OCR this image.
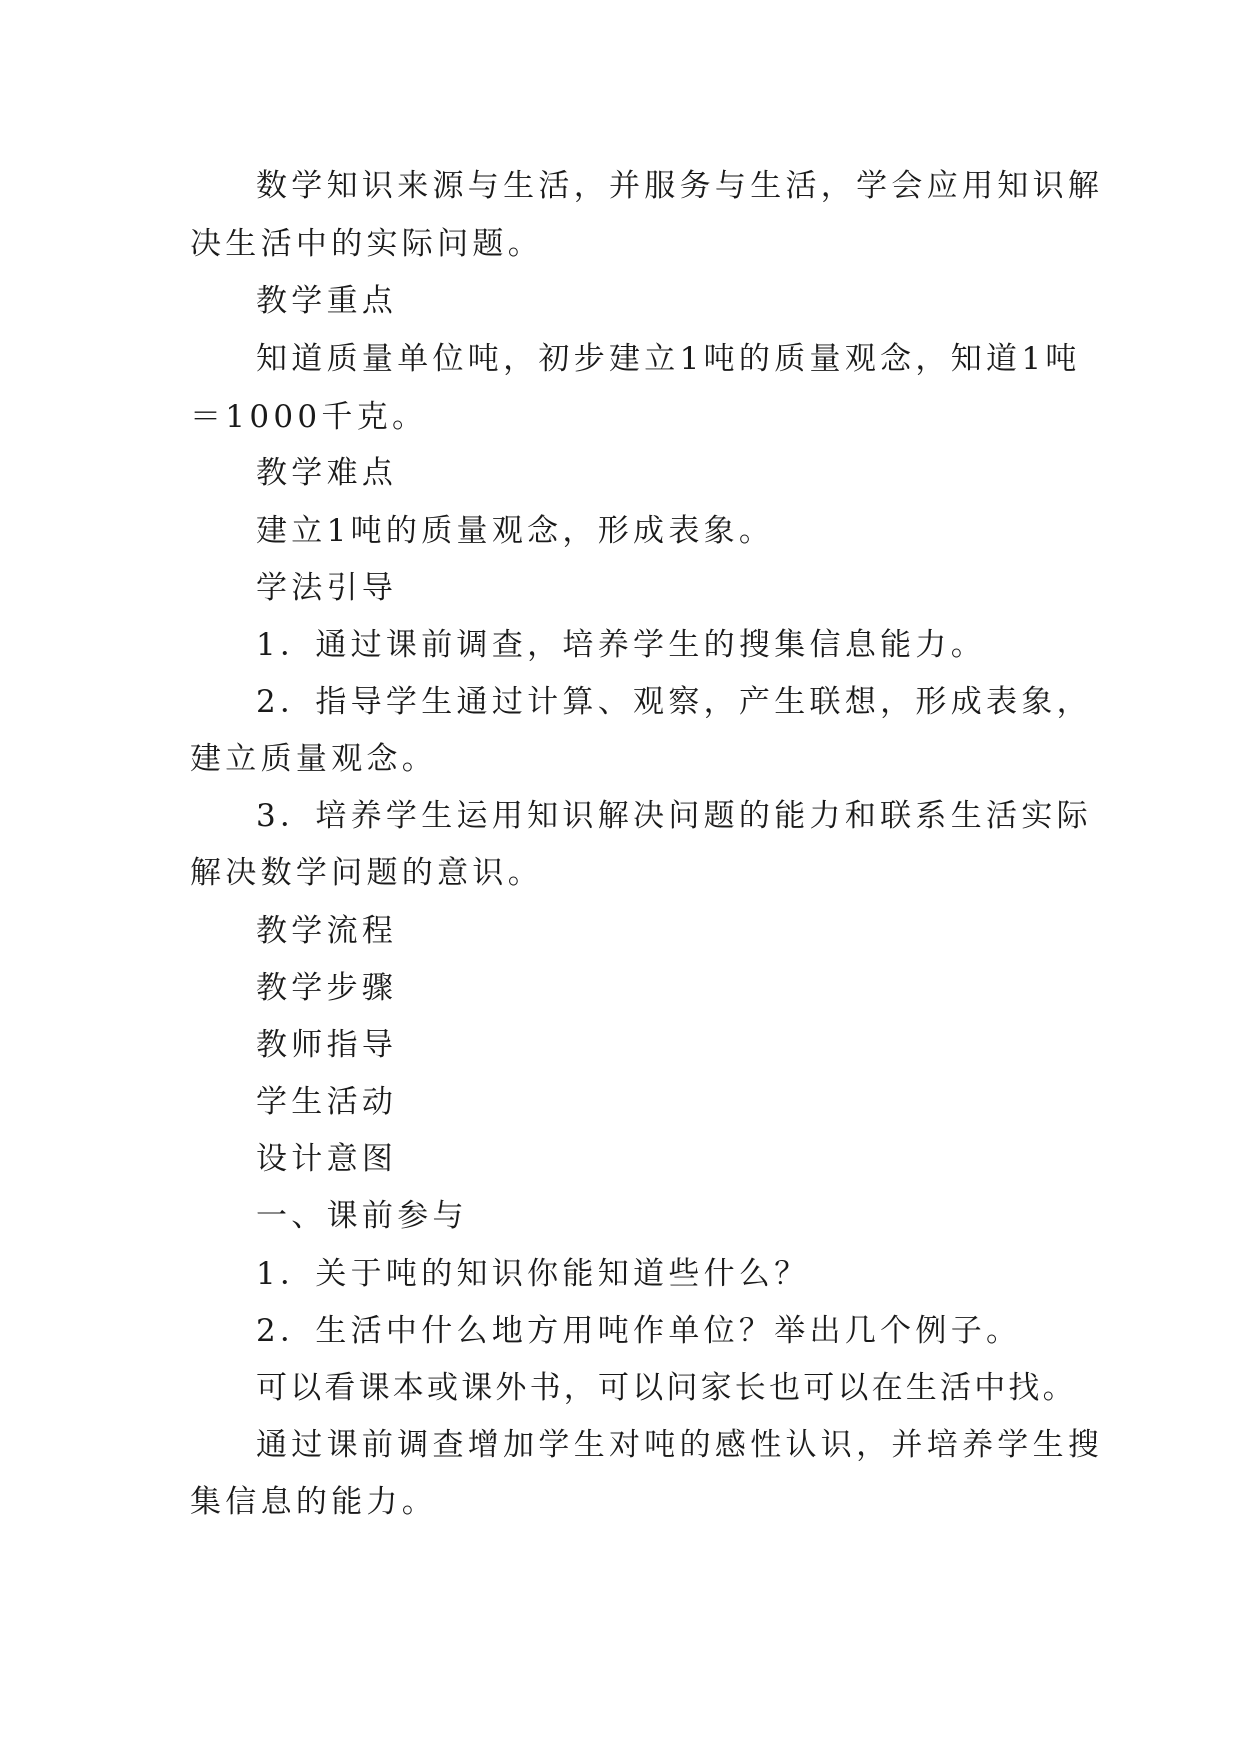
数学知识来源与生活，并服务与生活，学会应用知识解
决生活中的实际问题。
教学重点
知道质量单位吨，初步建立1吨的质量观念，知道1吨
＝1000千克。
教学难点
建立1吨的质量观念，形成表象。
学法引导
1．通过课前调查，培养学生的搜集信息能力。
2．指导学生通过计算、观察，产生联想，形成表象，
建立质量观念。
3．培养学生运用知识解决问题的能力和联系生活实际
解决数学问题的意识。
教学流程
教学步骤
教师指导
学生活动
设计意图
一、课前参与
1．关于吨的知识你能知道些什么？
2．生活中什么地方用吨作单位？举出几个例子。
可以看课本或课外书，可以问家长也可以在生活中找。
通过课前调查增加学生对吨的感性认识，并培养学生搜
集信息的能力。
